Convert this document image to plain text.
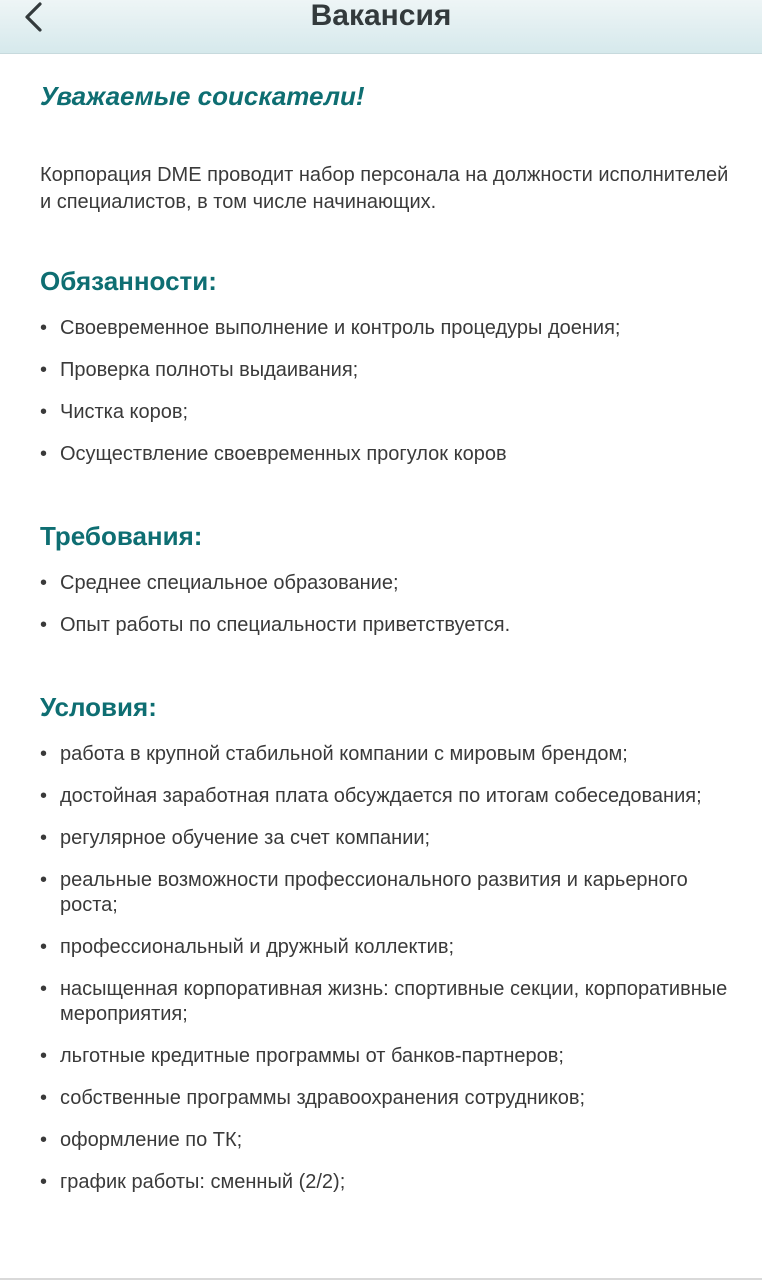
Вакансия

Уважаемые соискатели!

Корпорация DME проводит набор персонала на должности исполнителей и специалистов, в том числе начинающих.

Обязанности:
• Своевременное выполнение и контроль процедуры доения;
• Проверка полноты выдаивания;
• Чистка коров;
• Осуществление своевременных прогулок коров
Требования:
• Среднее специальное образование;
• Опыт работы по специальности приветствуется.
Условия:
• работа в крупной стабильной компании с мировым брендом;
• достойная заработная плата обсуждается по итогам собеседования;
• регулярное обучение за счет компании;
• реальные возможности профессионального развития и карьерного роста;
• профессиональный и дружный коллектив;
• насыщенная корпоративная жизнь: спортивные секции, корпоративные мероприятия;
• льготные кредитные программы от банков-партнеров;
• собственные программы здравоохранения сотрудников;
• оформление по ТК;
• график работы: сменный (2/2);
